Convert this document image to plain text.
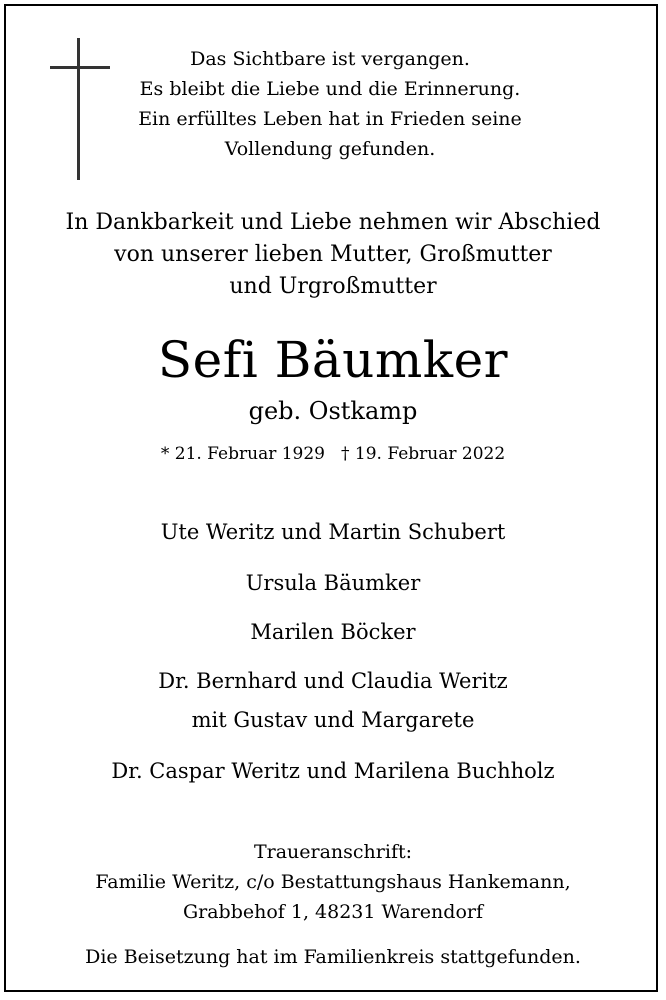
Das Sichtbare ist vergangen.
Es bleibt die Liebe und die Erinnerung.
Ein erfülltes Leben hat in Frieden seine
Vollendung gefunden.
In Dankbarkeit und Liebe nehmen wir Abschied
von unserer lieben Mutter, Großmutter
und Urgroßmutter
Sefi Bäumker
geb. Ostkamp
* 21. Februar 1929 † 19. Februar 2022
Ute Weritz und Martin Schubert
Ursula Bäumker
Marilen Böcker
Dr. Bernhard und Claudia Weritz
mit Gustav und Margarete
Dr. Caspar Weritz und Marilena Buchholz
Traueranschrift:
Familie Weritz, c/o Bestattungshaus Hankemann,
Grabbehof 1, 48231 Warendorf
Die Beisetzung hat im Familienkreis stattgefunden.
